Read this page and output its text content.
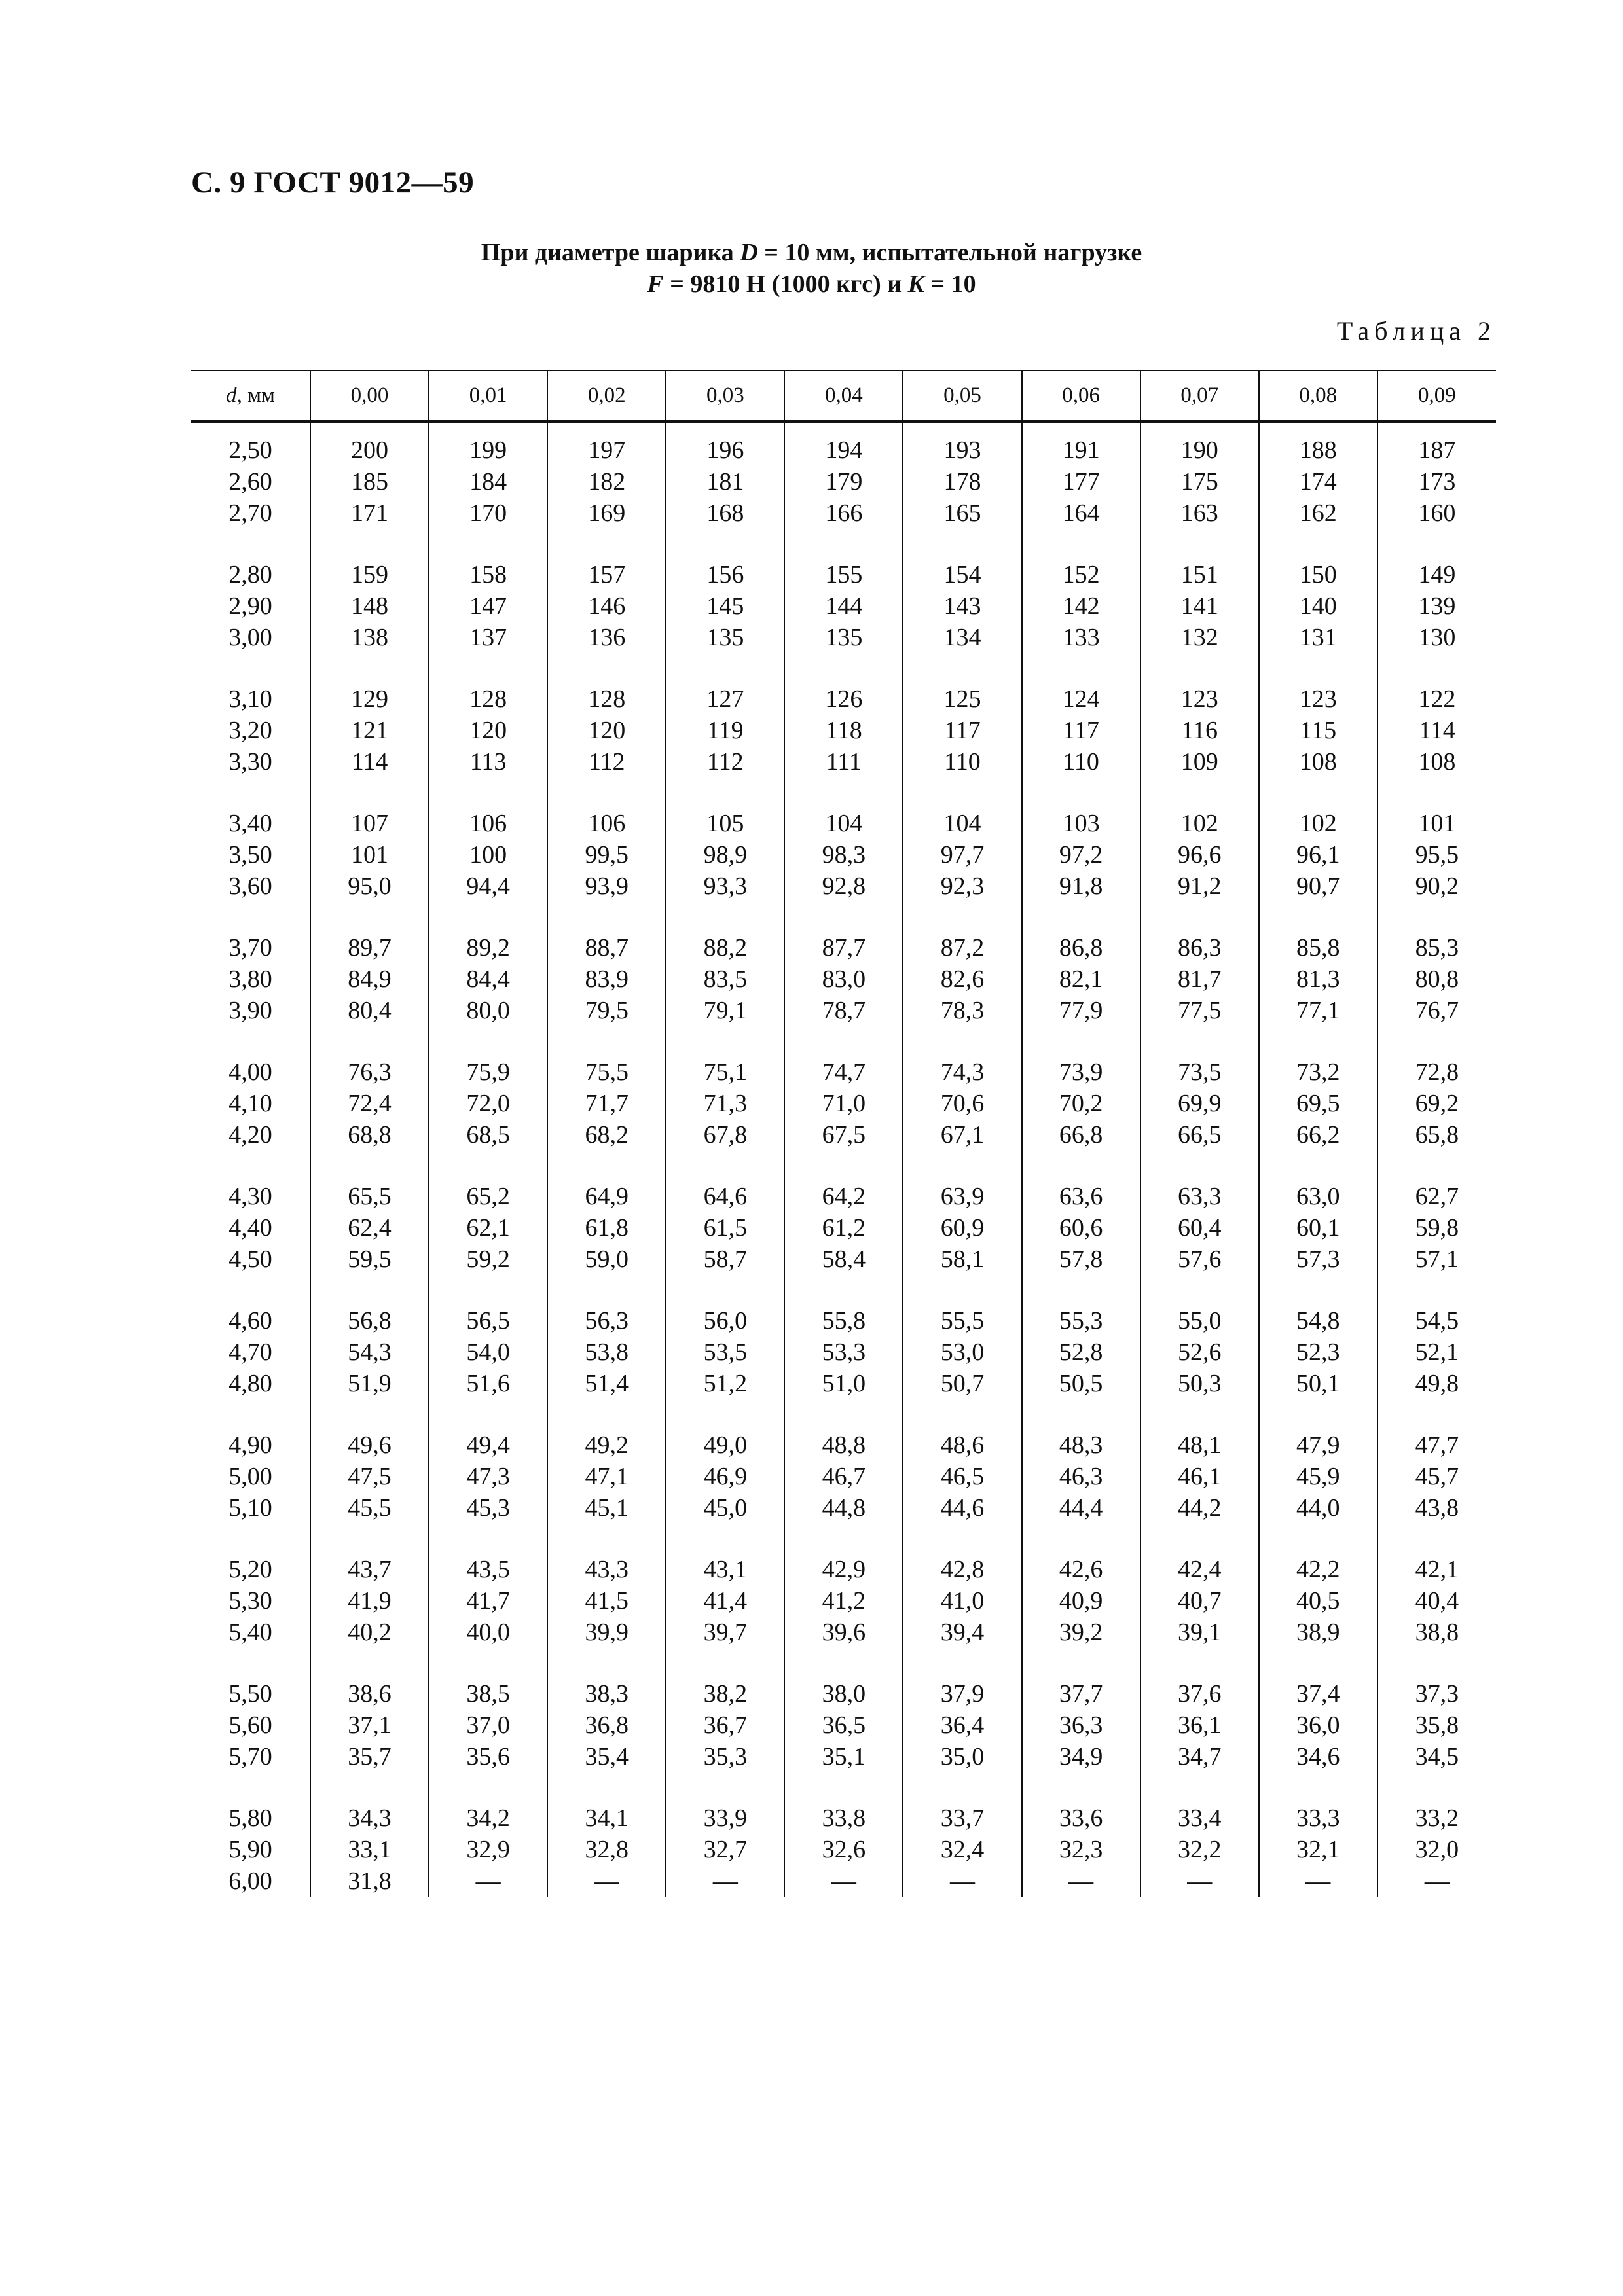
С. 9 ГОСТ 9012—59
При диаметре шарика D = 10 мм, испытательной нагрузке
F = 9810 Н (1000 кгс) и K = 10
Таблица 2
d, мм	0,00	0,01	0,02	0,03	0,04	0,05	0,06	0,07	0,08	0,09

2,50	200	199	197	196	194	193	191	190	188	187
2,60	185	184	182	181	179	178	177	175	174	173
2,70	171	170	169	168	166	165	164	163	162	160

2,80	159	158	157	156	155	154	152	151	150	149
2,90	148	147	146	145	144	143	142	141	140	139
3,00	138	137	136	135	135	134	133	132	131	130

3,10	129	128	128	127	126	125	124	123	123	122
3,20	121	120	120	119	118	117	117	116	115	114
3,30	114	113	112	112	111	110	110	109	108	108

3,40	107	106	106	105	104	104	103	102	102	101
3,50	101	100	99,5	98,9	98,3	97,7	97,2	96,6	96,1	95,5
3,60	95,0	94,4	93,9	93,3	92,8	92,3	91,8	91,2	90,7	90,2

3,70	89,7	89,2	88,7	88,2	87,7	87,2	86,8	86,3	85,8	85,3
3,80	84,9	84,4	83,9	83,5	83,0	82,6	82,1	81,7	81,3	80,8
3,90	80,4	80,0	79,5	79,1	78,7	78,3	77,9	77,5	77,1	76,7

4,00	76,3	75,9	75,5	75,1	74,7	74,3	73,9	73,5	73,2	72,8
4,10	72,4	72,0	71,7	71,3	71,0	70,6	70,2	69,9	69,5	69,2
4,20	68,8	68,5	68,2	67,8	67,5	67,1	66,8	66,5	66,2	65,8

4,30	65,5	65,2	64,9	64,6	64,2	63,9	63,6	63,3	63,0	62,7
4,40	62,4	62,1	61,8	61,5	61,2	60,9	60,6	60,4	60,1	59,8
4,50	59,5	59,2	59,0	58,7	58,4	58,1	57,8	57,6	57,3	57,1

4,60	56,8	56,5	56,3	56,0	55,8	55,5	55,3	55,0	54,8	54,5
4,70	54,3	54,0	53,8	53,5	53,3	53,0	52,8	52,6	52,3	52,1
4,80	51,9	51,6	51,4	51,2	51,0	50,7	50,5	50,3	50,1	49,8

4,90	49,6	49,4	49,2	49,0	48,8	48,6	48,3	48,1	47,9	47,7
5,00	47,5	47,3	47,1	46,9	46,7	46,5	46,3	46,1	45,9	45,7
5,10	45,5	45,3	45,1	45,0	44,8	44,6	44,4	44,2	44,0	43,8

5,20	43,7	43,5	43,3	43,1	42,9	42,8	42,6	42,4	42,2	42,1
5,30	41,9	41,7	41,5	41,4	41,2	41,0	40,9	40,7	40,5	40,4
5,40	40,2	40,0	39,9	39,7	39,6	39,4	39,2	39,1	38,9	38,8

5,50	38,6	38,5	38,3	38,2	38,0	37,9	37,7	37,6	37,4	37,3
5,60	37,1	37,0	36,8	36,7	36,5	36,4	36,3	36,1	36,0	35,8
5,70	35,7	35,6	35,4	35,3	35,1	35,0	34,9	34,7	34,6	34,5

5,80	34,3	34,2	34,1	33,9	33,8	33,7	33,6	33,4	33,3	33,2
5,90	33,1	32,9	32,8	32,7	32,6	32,4	32,3	32,2	32,1	32,0
6,00	31,8	—	—	—	—	—	—	—	—	—
